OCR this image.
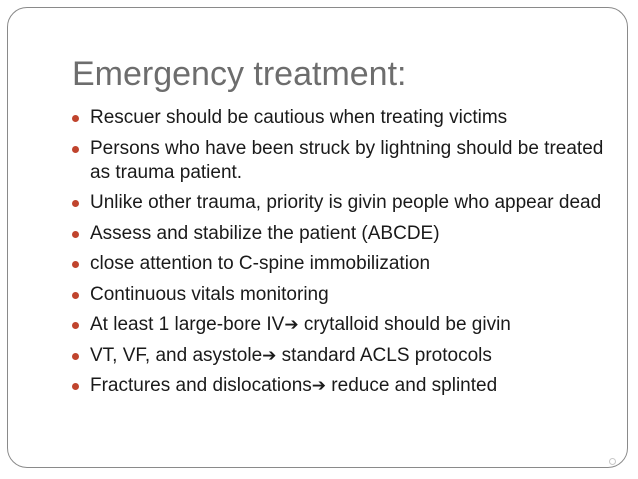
Emergency treatment:
Rescuer should be cautious when treating victims
Persons who have been struck by lightning should be treated as trauma patient.
Unlike other trauma, priority is givin people who appear dead
Assess and stabilize the patient (ABCDE)
close attention to C-spine immobilization
Continuous vitals monitoring
At least 1 large-bore IV➔ crytalloid should be givin
VT, VF, and asystole➔ standard ACLS protocols
Fractures and dislocations➔ reduce and splinted
